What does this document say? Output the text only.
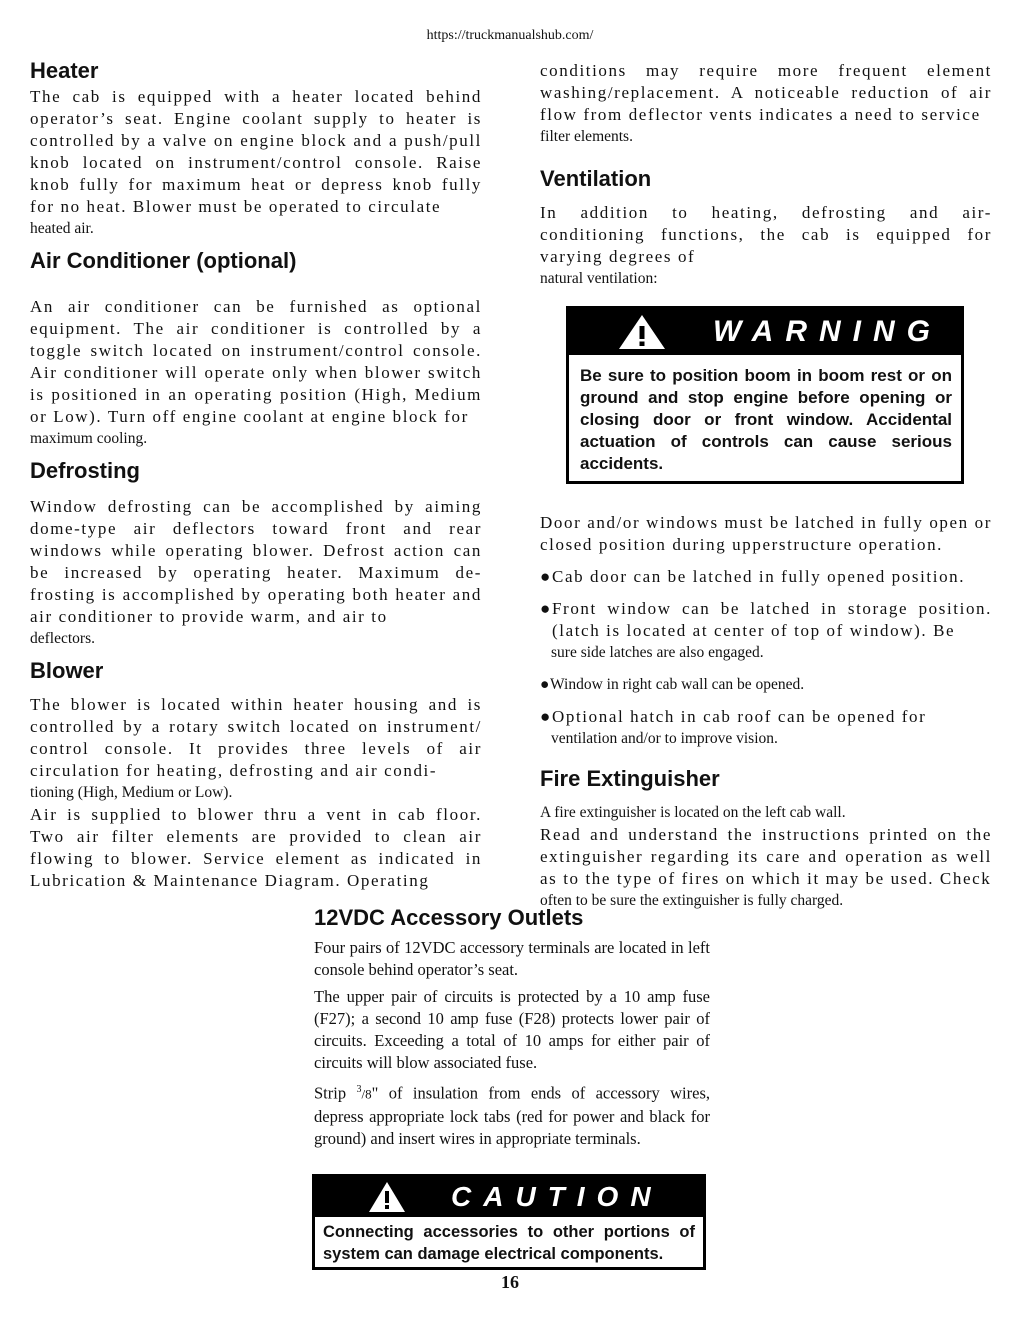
https://truckmanualshub.com/
Heater

The cab is equipped with a heater located behind operator’s seat. Engine coolant supply to heater is controlled by a valve on engine block and a push/pull knob located on instrument/control console. Raise knob fully for maximum heat or depress knob fully for no heat. Blower must be operated to circulate

heated air.

Air Conditioner (optional)

An air conditioner can be furnished as optional equipment. The air conditioner is controlled by a toggle switch located on instrument/control console. Air conditioner will operate only when blower switch is positioned in an operating position (High, Medium or Low). Turn off engine coolant at engine block for

maximum cooling.

Defrosting

Window defrosting can be accomplished by aiming dome-type air deflectors toward front and rear windows while operating blower. Defrost action can be increased by operating heater. Maximum de-frosting is accomplished by operating both heater and air conditioner to provide warm, and air to

deflectors.

Blower

The blower is located within heater housing and is controlled by a rotary switch located on instrument/ control console. It provides three levels of air circulation for heating, defrosting and air condi-

tioning (High, Medium or Low).

Air is supplied to blower thru a vent in cab floor. Two air filter elements are provided to clean air flowing to blower. Service element as indicated in Lubrication & Maintenance Diagram. Operating

conditions may require more frequent element washing/replacement. A noticeable reduction of air flow from deflector vents indicates a need to service

filter elements.

Ventilation

In addition to heating, defrosting and air-conditioning functions, the cab is equipped for varying degrees of

natural ventilation:

WARNING
Be sure to position boom in boom rest or on ground and stop engine before opening or closing door or front window. Accidental actuation of controls can cause serious accidents.

Door and/or windows must be latched in fully open or closed position during upperstructure operation.

● Cab door can be latched in fully opened position.
● Front window can be latched in storage position. (latch is located at center of top of window). Be

sure side latches are also engaged.

● Window in right cab wall can be opened.
● Optional hatch in cab roof can be opened for

ventilation and/or to improve vision.

Fire Extinguisher

A fire extinguisher is located on the left cab wall.

Read and understand the instructions printed on the extinguisher regarding its care and operation as well as to the type of fires on which it may be used. Check

often to be sure the extinguisher is fully charged.

12VDC Accessory Outlets

Four pairs of 12VDC accessory terminals are located in left console behind operator’s seat.

The upper pair of circuits is protected by a 10 amp fuse (F27); a second 10 amp fuse (F28) protects lower pair of circuits. Exceeding a total of 10 amps for either pair of circuits will blow associated fuse.

Strip $^3$/8" of insulation from ends of accessory wires, depress appropriate lock tabs (red for power and black for ground) and insert wires in appropriate terminals.

CAUTION
Connecting accessories to other portions of system can damage electrical components.
16
